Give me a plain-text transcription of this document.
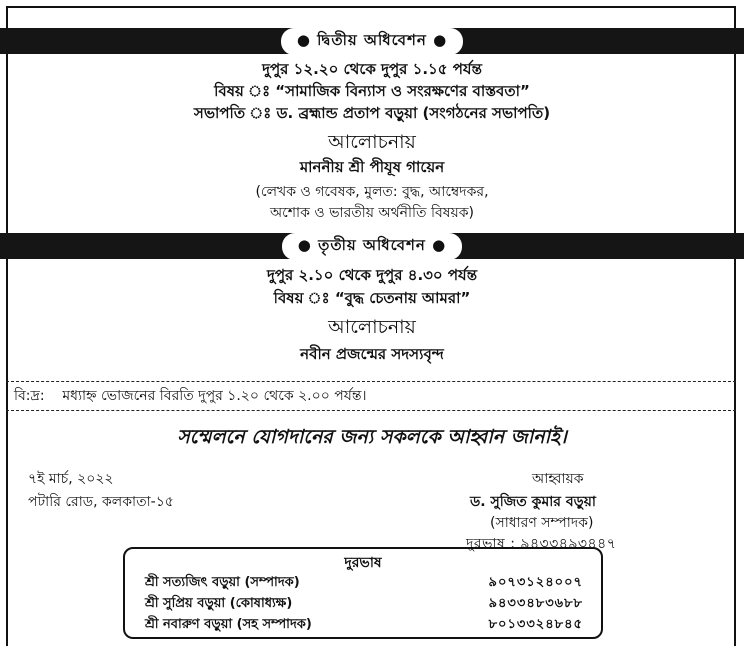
● দ্বিতীয় অধিবেশন ●
দুপুর ১২.২০ থেকে দুপুর ১.১৫ পর্যন্ত
বিষয় ঃ “সামাজিক বিন্যাস ও সংরক্ষণের বাস্তবতা”
সভাপতি ঃ ড. ব্রহ্মান্ড প্রতাপ বড়ুয়া (সংগঠনের সভাপতি)
আলোচনায়
মাননীয় শ্রী পীযূষ গায়েন
(লেখক ও গবেষক, মুলত: বুদ্ধ, আম্বেদকর,
অশোক ও ভারতীয় অর্থনীতি বিষয়ক)
● তৃতীয় অধিবেশন ●
দুপুর ২.১০ থেকে দুপুর ৪.৩০ পর্যন্ত
বিষয় ঃ “বুদ্ধ চেতনায় আমরা”
আলোচনায়
নবীন প্রজন্মের সদস্যবৃন্দ
বি:দ্র: মধ্যাহ্ন ভোজনের বিরতি দুপুর ১.২০ থেকে ২.০০ পর্যন্ত।
সম্মেলনে যোগদানের জন্য সকলকে আহ্বান জানাই।
৭ই মার্চ, ২০২২
পটারি রোড, কলকাতা-১৫
আহ্বায়ক
ড. সুজিত কুমার বড়ুয়া
(সাধারণ সম্পাদক)
দুরভাষ : ৯৪৩৩৪৯৩৪৪৭
দুরভাষ
শ্রী সত্যজিৎ বড়ুয়া (সম্পাদক)	৯০৭৩১২৪০০৭
শ্রী সুপ্রিয় বড়ুয়া (কোষাধ্যক্ষ)	৯৪৩৩৪৮৩৬৮৮
শ্রী নবারুণ বড়ুয়া (সহ সম্পাদক)	৮০১৩৩২৪৮৪৫
